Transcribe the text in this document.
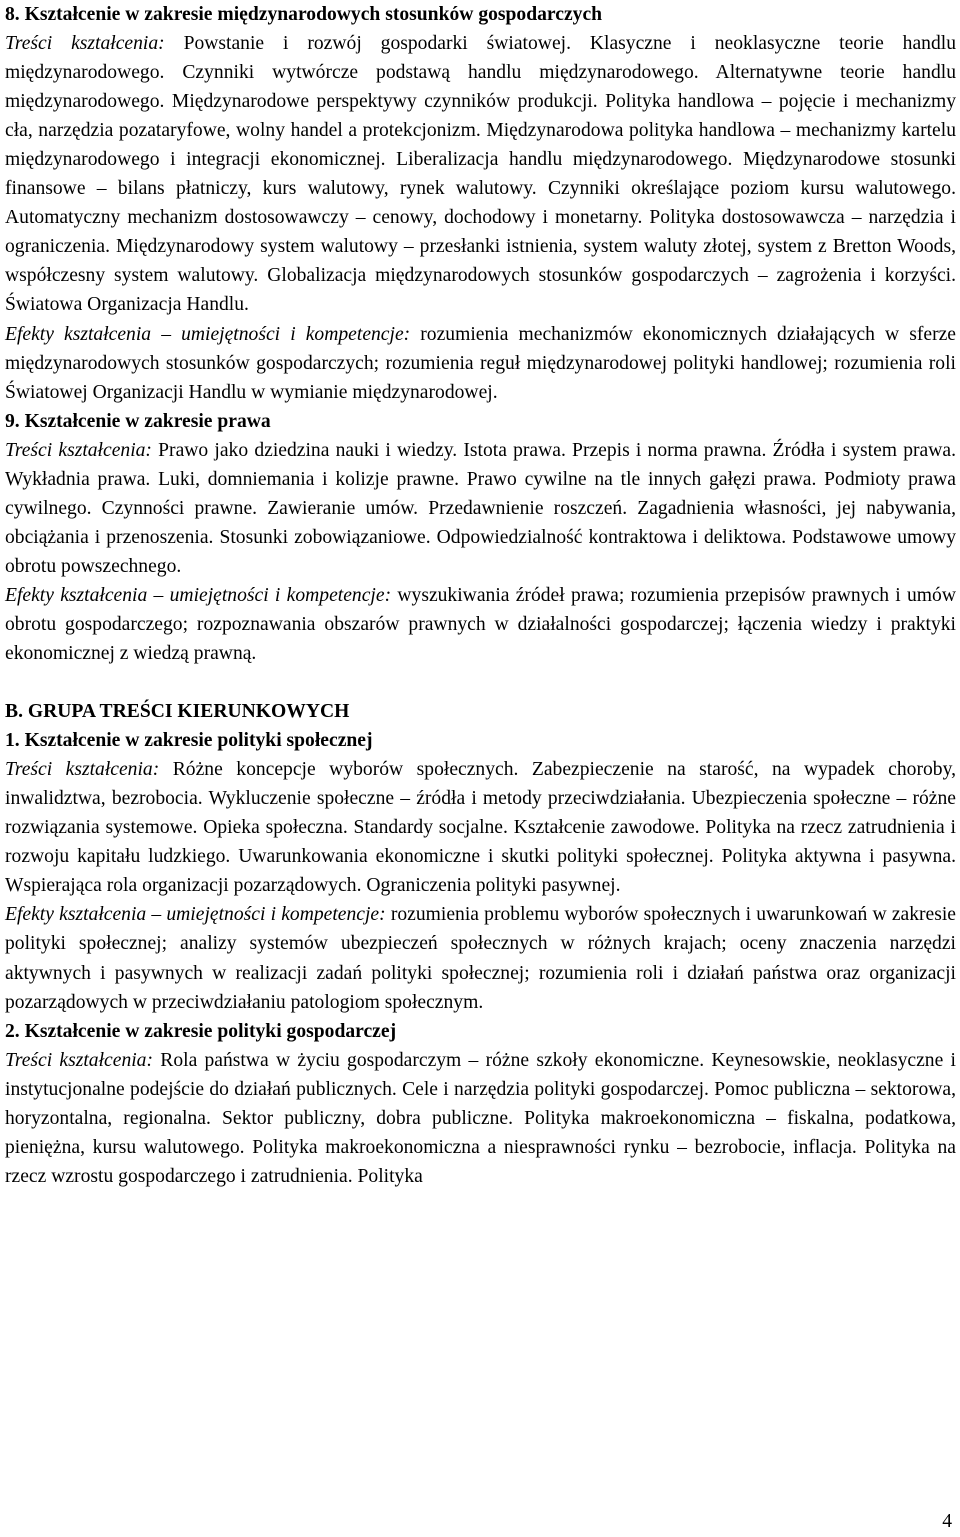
8. Kształcenie w zakresie międzynarodowych stosunków gospodarczych

Treści kształcenia: Powstanie i rozwój gospodarki światowej. Klasyczne i neoklasyczne teorie handlu międzynarodowego. Czynniki wytwórcze podstawą handlu międzynarodowego. Alternatywne teorie handlu międzynarodowego. Międzynarodowe perspektywy czynników produkcji. Polityka handlowa – pojęcie i mechanizmy cła, narzędzia pozataryfowe, wolny handel a protekcjonizm. Międzynarodowa polityka handlowa – mechanizmy kartelu międzynarodowego i integracji ekonomicznej. Liberalizacja handlu międzynarodowego. Międzynarodowe stosunki finansowe – bilans płatniczy, kurs walutowy, rynek walutowy. Czynniki określające poziom kursu walutowego. Automatyczny mechanizm dostosowawczy – cenowy, dochodowy i monetarny. Polityka dostosowawcza – narzędzia i ograniczenia. Międzynarodowy system walutowy – przesłanki istnienia, system waluty złotej, system z Bretton Woods, współczesny system walutowy. Globalizacja międzynarodowych stosunków gospodarczych – zagrożenia i korzyści. Światowa Organizacja Handlu.

Efekty kształcenia – umiejętności i kompetencje: rozumienia mechanizmów ekonomicznych działających w sferze międzynarodowych stosunków gospodarczych; rozumienia reguł międzynarodowej polityki handlowej; rozumienia roli Światowej Organizacji Handlu w wymianie międzynarodowej.

9. Kształcenie w zakresie prawa

Treści kształcenia: Prawo jako dziedzina nauki i wiedzy. Istota prawa. Przepis i norma prawna. Źródła i system prawa. Wykładnia prawa. Luki, domniemania i kolizje prawne. Prawo cywilne na tle innych gałęzi prawa. Podmioty prawa cywilnego. Czynności prawne. Zawieranie umów. Przedawnienie roszczeń. Zagadnienia własności, jej nabywania, obciążania i przenoszenia. Stosunki zobowiązaniowe. Odpowiedzialność kontraktowa i deliktowa. Podstawowe umowy obrotu powszechnego.

Efekty kształcenia – umiejętności i kompetencje: wyszukiwania źródeł prawa; rozumienia przepisów prawnych i umów obrotu gospodarczego; rozpoznawania obszarów prawnych w działalności gospodarczej; łączenia wiedzy i praktyki ekonomicznej z wiedzą prawną.

B. GRUPA TREŚCI KIERUNKOWYCH

1. Kształcenie w zakresie polityki społecznej

Treści kształcenia: Różne koncepcje wyborów społecznych. Zabezpieczenie na starość, na wypadek choroby, inwalidztwa, bezrobocia. Wykluczenie społeczne – źródła i metody przeciwdziałania. Ubezpieczenia społeczne – różne rozwiązania systemowe. Opieka społeczna. Standardy socjalne. Kształcenie zawodowe. Polityka na rzecz zatrudnienia i rozwoju kapitału ludzkiego. Uwarunkowania ekonomiczne i skutki polityki społecznej. Polityka aktywna i pasywna. Wspierająca rola organizacji pozarządowych. Ograniczenia polityki pasywnej.

Efekty kształcenia – umiejętności i kompetencje: rozumienia problemu wyborów społecznych i uwarunkowań w zakresie polityki społecznej; analizy systemów ubezpieczeń społecznych w różnych krajach; oceny znaczenia narzędzi aktywnych i pasywnych w realizacji zadań polityki społecznej; rozumienia roli i działań państwa oraz organizacji pozarządowych w przeciwdziałaniu patologiom społecznym.

2. Kształcenie w zakresie polityki gospodarczej

Treści kształcenia: Rola państwa w życiu gospodarczym – różne szkoły ekonomiczne. Keynesowskie, neoklasyczne i instytucjonalne podejście do działań publicznych. Cele i narzędzia polityki gospodarczej. Pomoc publiczna – sektorowa, horyzontalna, regionalna. Sektor publiczny, dobra publiczne. Polityka makroekonomiczna – fiskalna, podatkowa, pieniężna, kursu walutowego. Polityka makroekonomiczna a niesprawności rynku – bezrobocie, inflacja. Polityka na rzecz wzrostu gospodarczego i zatrudnienia. Polityka

4
